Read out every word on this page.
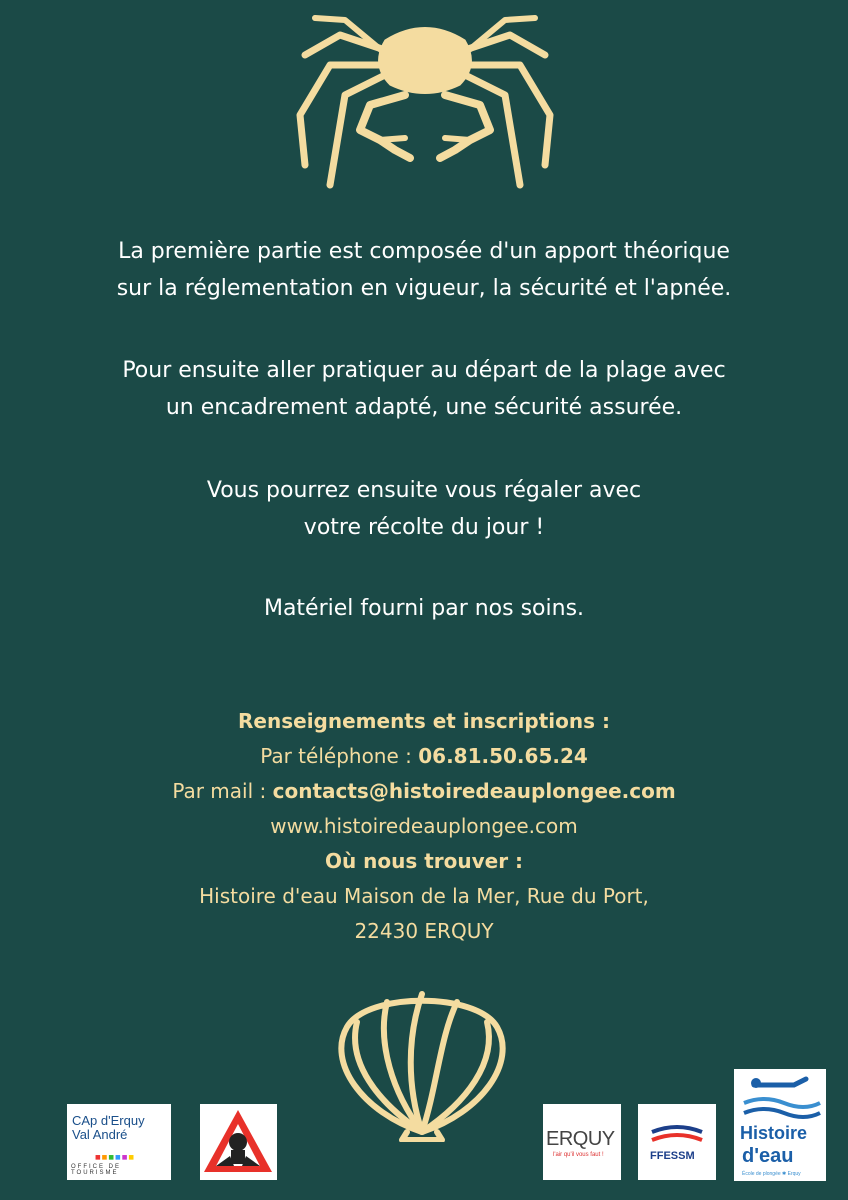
La première partie est composée d'un apport théorique
sur la réglementation en vigueur, la sécurité et l'apnée.
Pour ensuite aller pratiquer au départ de la plage avec
un encadrement adapté, une sécurité assurée.
Vous pourrez ensuite vous régaler avec
votre récolte du jour !
Matériel fourni par nos soins.
Renseignements et inscriptions :
Par téléphone : 06.81.50.65.24
Par mail : contacts@histoiredeauplongee.com
www.histoiredeauplongee.com
Où nous trouver :
Histoire d'eau Maison de la Mer, Rue du Port,
22430 ERQUY
CAp d'Erquy
Val André
■■■■■■
OFFICE DE TOURISME
ERQUY
l'air qu'il vous faut !	FFESSM
Histoire
d'eau
École de plongée ✱ Erquy
